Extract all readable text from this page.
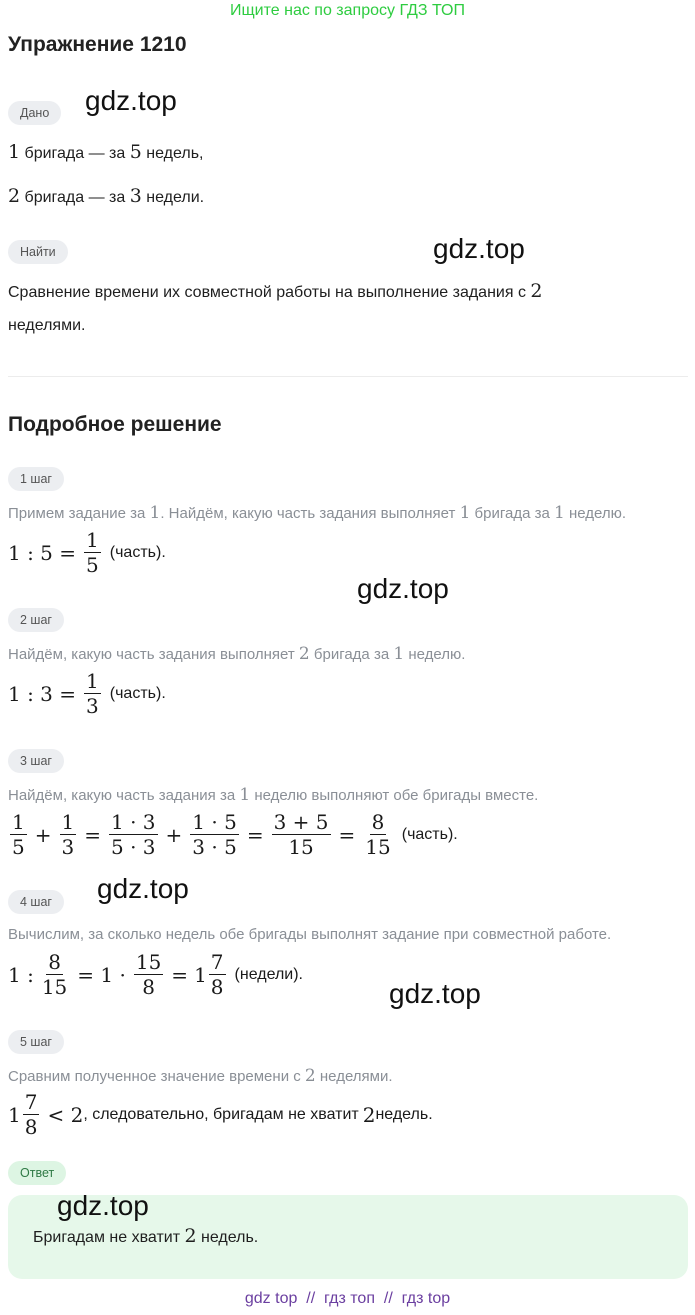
Ищите нас по запросу ГДЗ ТОП
Упражнение 1210
Дано
1 бригада — за 5 недель,
2 бригада — за 3 недели.
Найти
Сравнение времени их совместной работы на выполнение задания с 2
неделями.
Подробное решение
1 шаг
Примем задание за 1. Найдём, какую часть задания выполняет 1 бригада за 1 неделю.
1 : $5 = \frac{1}{5}$ (часть).
2 шаг
Найдём, какую часть задания выполняет 2 бригада за 1 неделю.
1 : $3 = \frac{1}{3}$ (часть).
3 шаг
Найдём, какую часть задания за 1 неделю выполняют обе бригады вместе.
$\frac{1}{5} + \frac{1}{3} = \frac{1 \cdot 3}{5 \cdot 3} + \frac{1 \cdot 5}{3 \cdot 5} = \frac{3 + 5}{15} = \frac{8}{15}$ (часть).
4 шаг
Вычислим, за сколько недель обе бригады выполнят задание при совместной работе.
1 : $\frac{8}{15} = 1 \cdot \frac{15}{8} = 1 \frac{7}{8}$ (недели).
5 шаг
Сравним полученное значение времени с 2 неделями.
$1 \frac{7}{8} < 2$ , следовательно, бригадам не хватит 2 недель.
Ответ
Бригадам не хватит 2 недель.
gdz.top
gdz.top
gdz.top
gdz.top
gdz.top
gdz.top
gdz top  //  гдз топ  //  гдз top
